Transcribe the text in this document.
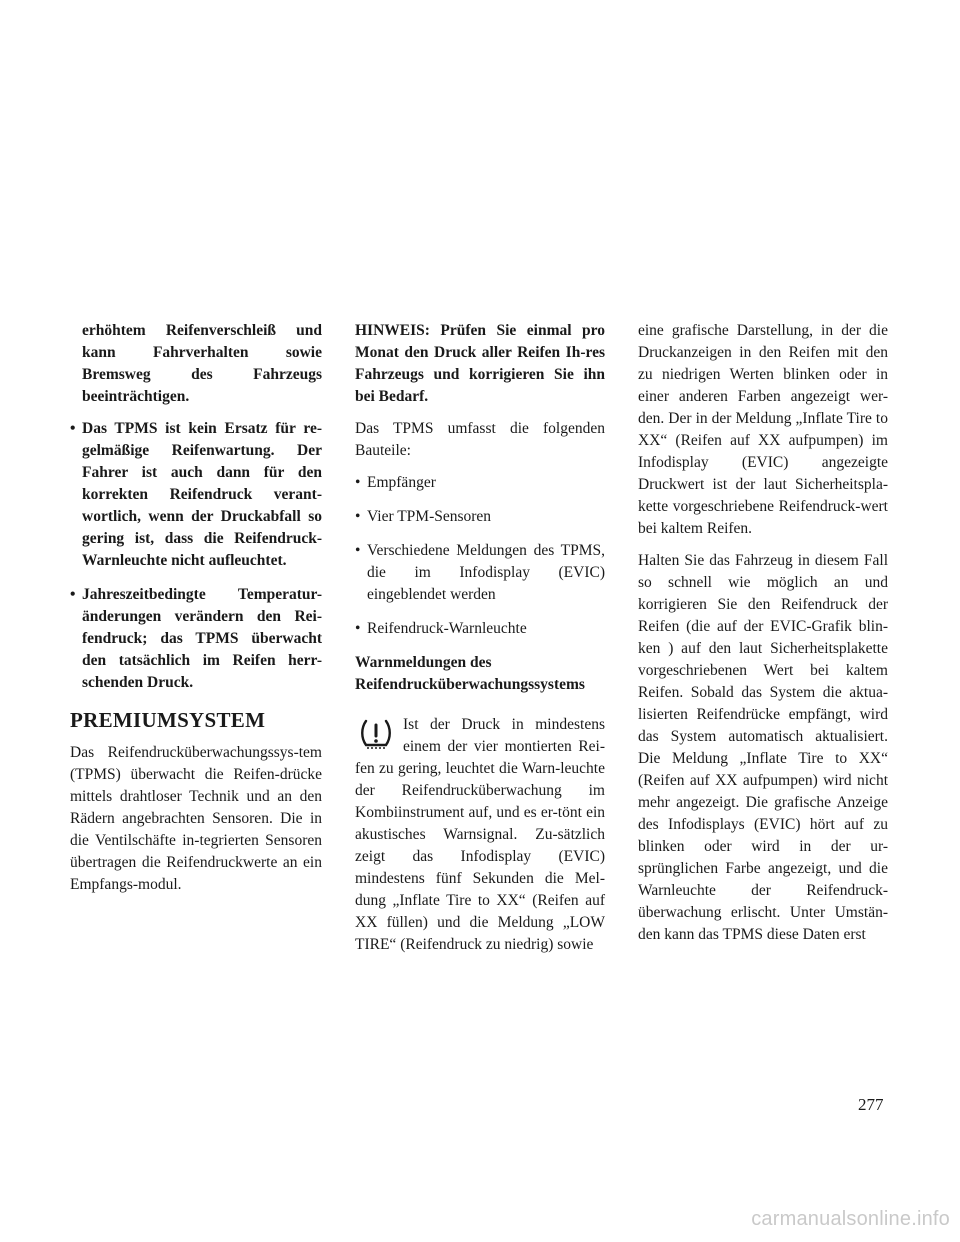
erhöhtem Reifenverschleiß und kann Fahrverhalten sowie Bremsweg des Fahrzeugs beeinträchtigen.

• Das TPMS ist kein Ersatz für re-gelmäßige Reifenwartung. Der Fahrer ist auch dann für den korrekten Reifendruck verant-wortlich, wenn der Druckabfall so gering ist, dass die Reifendruck-Warnleuchte nicht aufleuchtet.
• Jahreszeitbedingte Temperatur-änderungen verändern den Rei-fendruck; das TPMS überwacht den tatsächlich im Reifen herr-schenden Druck.
PREMIUMSYSTEM

Das Reifendrucküberwachungssys-tem (TPMS) überwacht die Reifen-drücke mittels drahtloser Technik und an den Rädern angebrachten Sensoren. Die in die Ventilschäfte in-tegrierten Sensoren übertragen die Reifendruckwerte an ein Empfangs-modul.

HINWEIS: Prüfen Sie einmal pro Monat den Druck aller Reifen Ih-res Fahrzeugs und korrigieren Sie ihn bei Bedarf.

Das TPMS umfasst die folgenden Bauteile:

• Empfänger
• Vier TPM-Sensoren
• Verschiedene Meldungen des TPMS, die im Infodisplay (EVIC) eingeblendet werden
• Reifendruck-Warnleuchte

Warnmeldungen des Reifendrucküberwachungssystems

Ist der Druck in mindestens einem der vier montierten Rei-fen zu gering, leuchtet die Warn-leuchte der Reifendrucküberwachung im Kombiinstrument auf, und es er-tönt ein akustisches Warnsignal. Zu-sätzlich zeigt das Infodisplay (EVIC) mindestens fünf Sekunden die Mel-dung „Inflate Tire to XX“ (Reifen auf XX füllen) und die Meldung „LOW TIRE“ (Reifendruck zu niedrig) sowie

eine grafische Darstellung, in der die Druckanzeigen in den Reifen mit den zu niedrigen Werten blinken oder in einer anderen Farben angezeigt wer-den. Der in der Meldung „Inflate Tire to XX“ (Reifen auf XX aufpumpen) im Infodisplay (EVIC) angezeigte Druckwert ist der laut Sicherheitspla-kette vorgeschriebene Reifendruck-wert bei kaltem Reifen.

Halten Sie das Fahrzeug in diesem Fall so schnell wie möglich an und korrigieren Sie den Reifendruck der Reifen (die auf der EVIC-Grafik blin-ken ) auf den laut Sicherheitsplakette vorgeschriebenen Wert bei kaltem Reifen. Sobald das System die aktua-lisierten Reifendrücke empfängt, wird das System automatisch aktualisiert. Die Meldung „Inflate Tire to XX“ (Reifen auf XX aufpumpen) wird nicht mehr angezeigt. Die grafische Anzeige des Infodisplays (EVIC) hört auf zu blinken oder wird in der ur-sprünglichen Farbe angezeigt, und die Warnleuchte der Reifendruck-überwachung erlischt. Unter Umstän-den kann das TPMS diese Daten erst

277
carmanualsonline.info
